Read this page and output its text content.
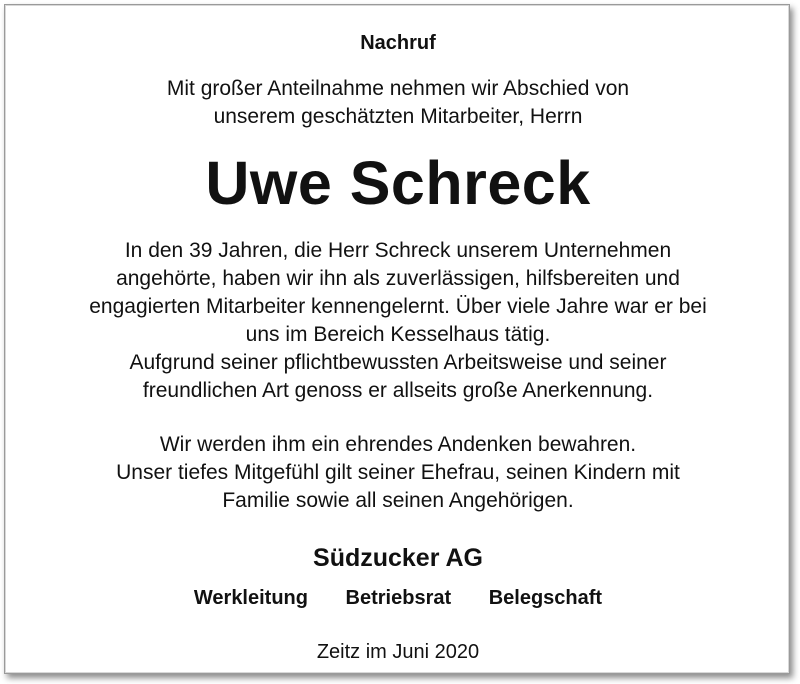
Nachruf
Mit großer Anteilnahme nehmen wir Abschied von
unserem geschätzten Mitarbeiter, Herrn
Uwe Schreck
In den 39 Jahren, die Herr Schreck unserem Unternehmen
angehörte, haben wir ihn als zuverlässigen, hilfsbereiten und
engagierten Mitarbeiter kennengelernt. Über viele Jahre war er bei
uns im Bereich Kesselhaus tätig.
Aufgrund seiner pflichtbewussten Arbeitsweise und seiner
freundlichen Art genoss er allseits große Anerkennung.
Wir werden ihm ein ehrendes Andenken bewahren.
Unser tiefes Mitgefühl gilt seiner Ehefrau, seinen Kindern mit
Familie sowie all seinen Angehörigen.
Südzucker AG
Werkleitung Betriebsrat Belegschaft
Zeitz im Juni 2020
